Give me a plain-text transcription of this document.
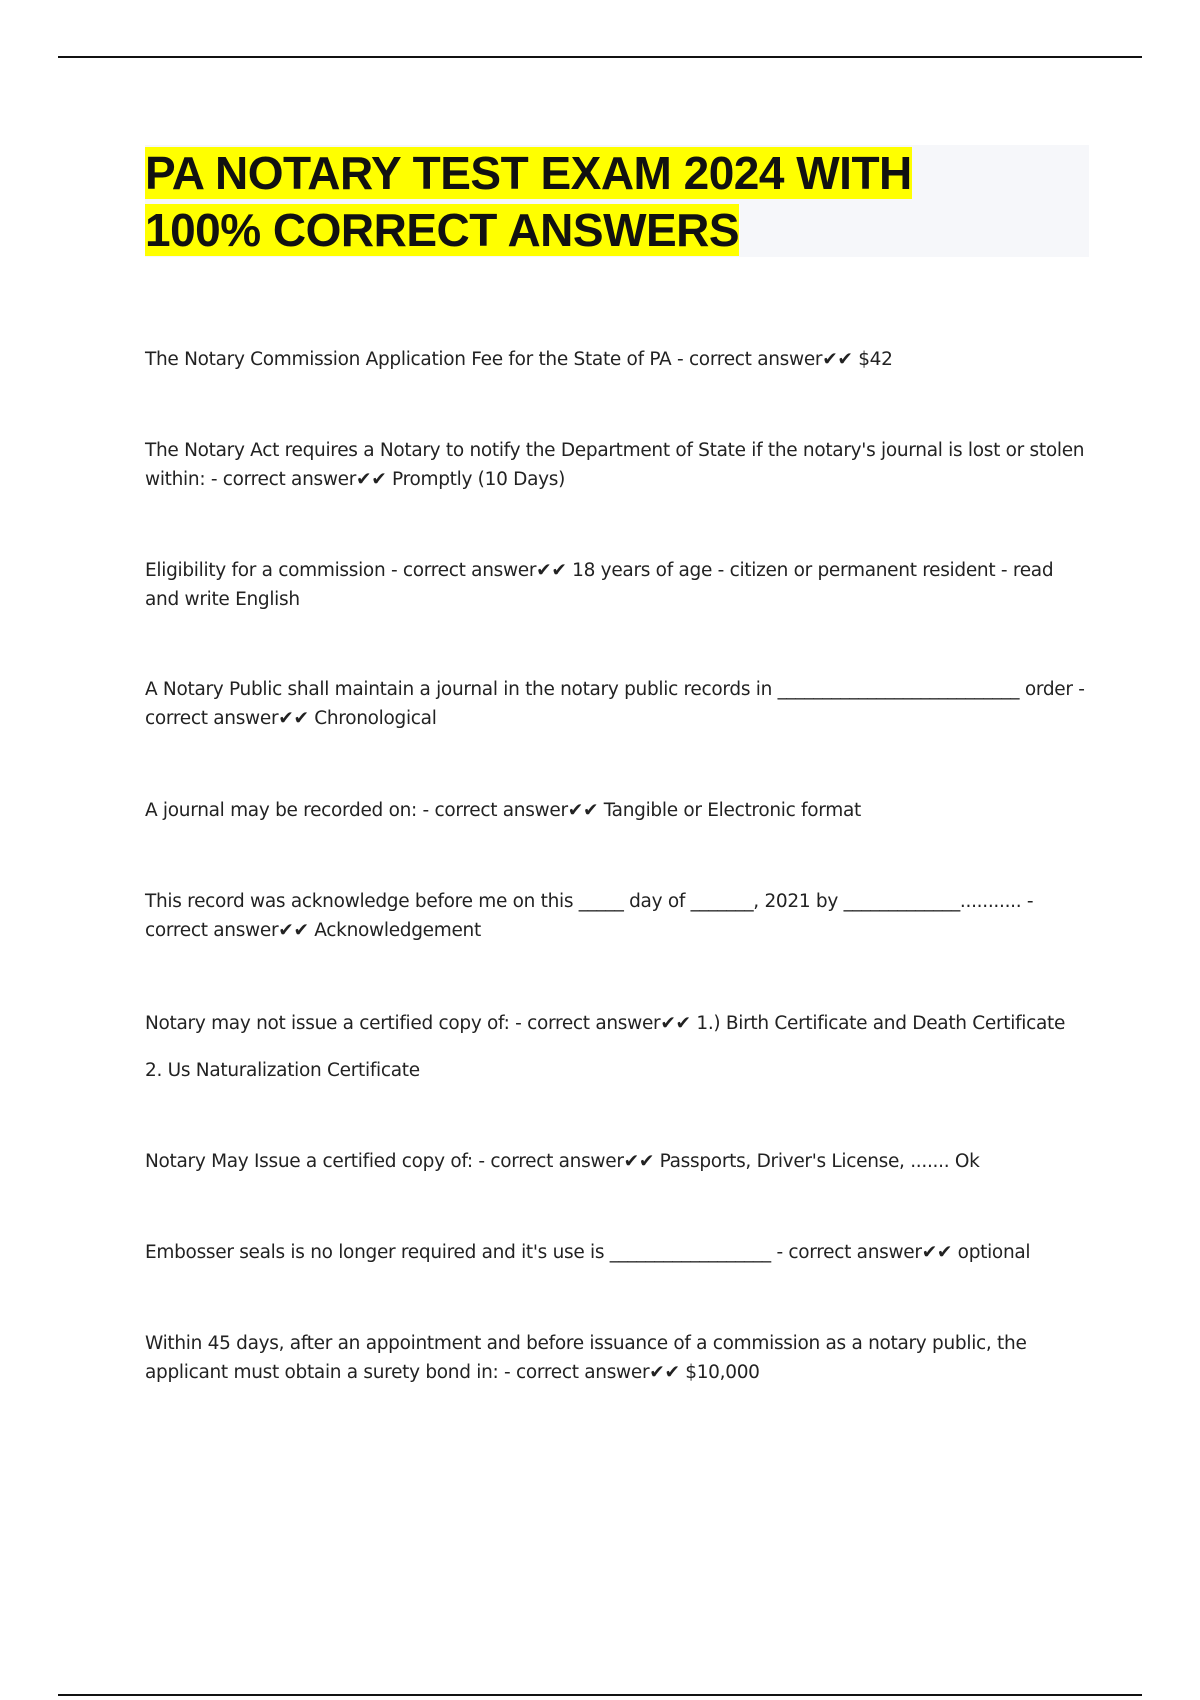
PA NOTARY TEST EXAM 2024 WITH 100% CORRECT ANSWERS

The Notary Commission Application Fee for the State of PA - correct answer✔✔ $42

The Notary Act requires a Notary to notify the Department of State if the notary's journal is lost or stolen within: - correct answer✔✔ Promptly (10 Days)

Eligibility for a commission - correct answer✔✔ 18 years of age - citizen or permanent resident - read and write English

A Notary Public shall maintain a journal in the notary public records in ___________________________ order - correct answer✔✔ Chronological

A journal may be recorded on: - correct answer✔✔ Tangible or Electronic format

This record was acknowledge before me on this _____ day of _______, 2021 by _____________........... - correct answer✔✔ Acknowledgement

Notary may not issue a certified copy of: - correct answer✔✔ 1.) Birth Certificate and Death Certificate
2. Us Naturalization Certificate

Notary May Issue a certified copy of: - correct answer✔✔ Passports, Driver's License, ....... Ok

Embosser seals is no longer required and it's use is __________________ - correct answer✔✔ optional

Within 45 days, after an appointment and before issuance of a commission as a notary public, the applicant must obtain a surety bond in: - correct answer✔✔ $10,000
